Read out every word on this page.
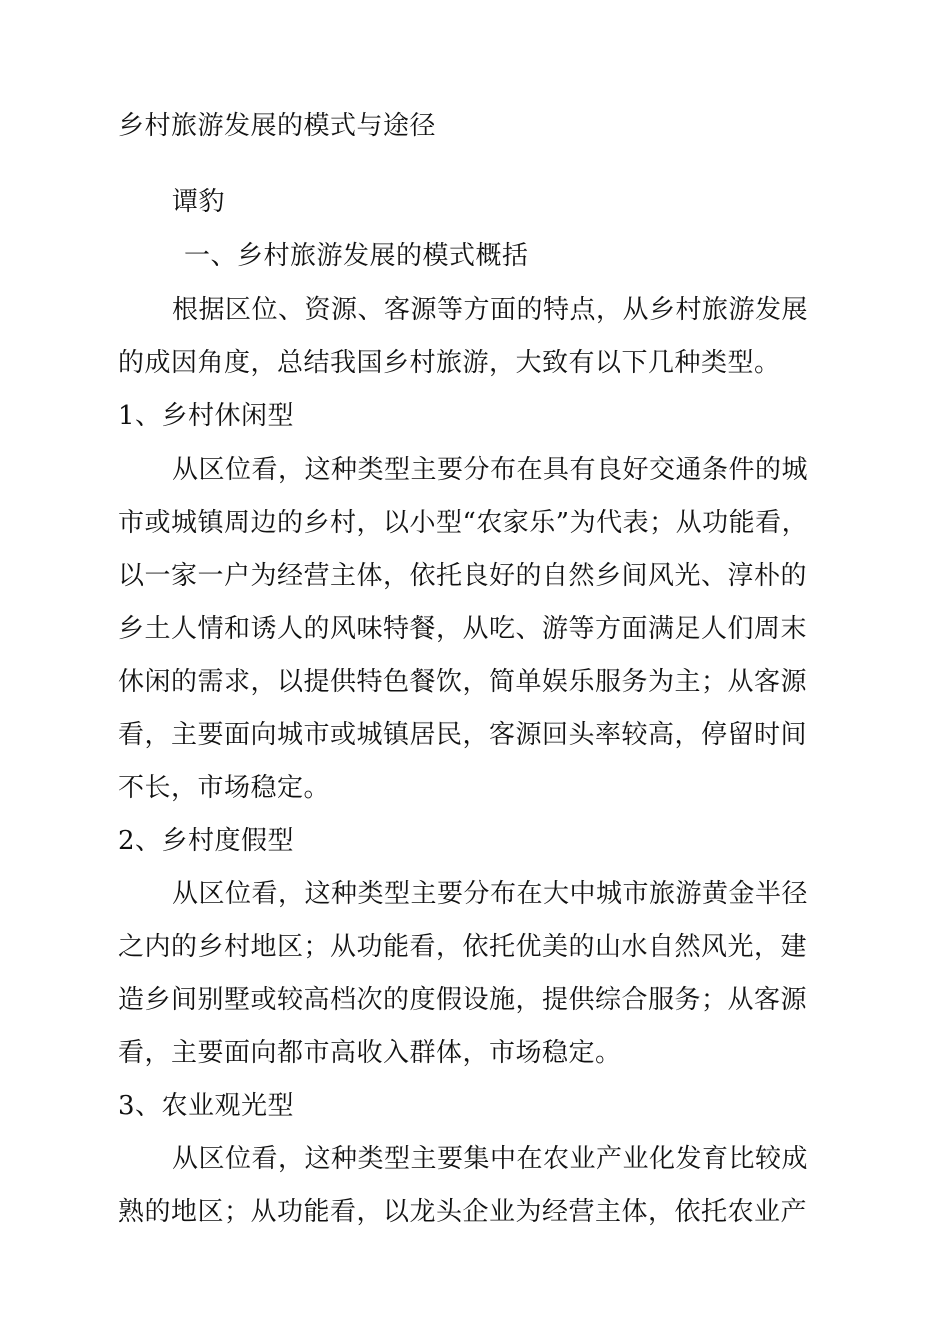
乡村旅游发展的模式与途径
谭豹
一、乡村旅游发展的模式概括
根据区位、资源、客源等方面的特点，从乡村旅游发展
的成因角度，总结我国乡村旅游，大致有以下几种类型。
1、乡村休闲型
从区位看，这种类型主要分布在具有良好交通条件的城
市或城镇周边的乡村，以小型“农家乐”为代表；从功能看，
以一家一户为经营主体，依托良好的自然乡间风光、淳朴的
乡土人情和诱人的风味特餐，从吃、游等方面满足人们周末
休闲的需求，以提供特色餐饮，简单娱乐服务为主；从客源
看，主要面向城市或城镇居民，客源回头率较高，停留时间
不长，市场稳定。
2、乡村度假型
从区位看，这种类型主要分布在大中城市旅游黄金半径
之内的乡村地区；从功能看，依托优美的山水自然风光，建
造乡间别墅或较高档次的度假设施，提供综合服务；从客源
看，主要面向都市高收入群体，市场稳定。
3、农业观光型
从区位看，这种类型主要集中在农业产业化发育比较成
熟的地区；从功能看，以龙头企业为经营主体，依托农业产
